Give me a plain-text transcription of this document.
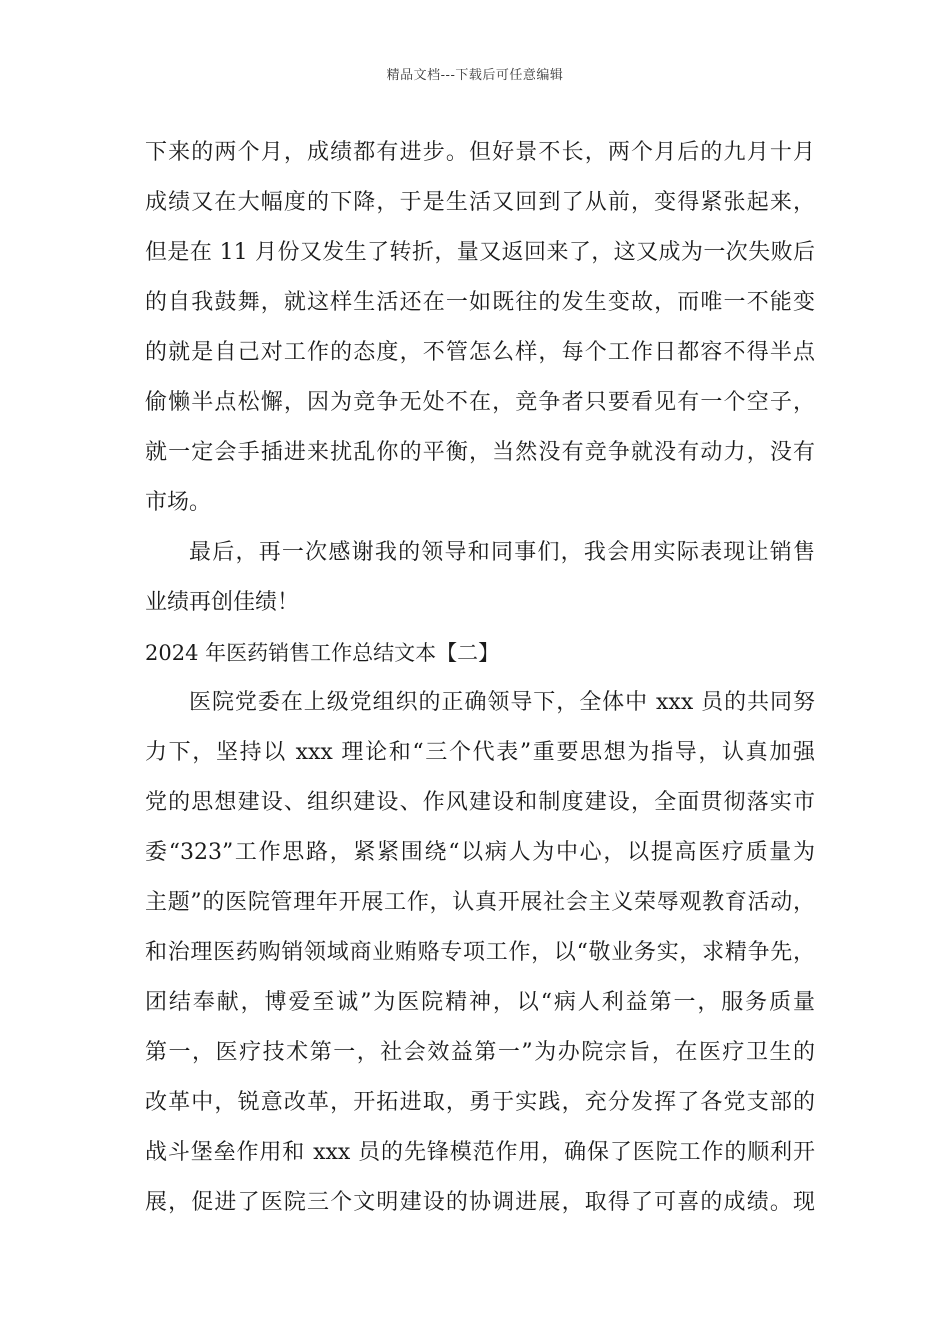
精品文档---下载后可任意编辑
下来的两个月，成绩都有进步。但好景不长，两个月后的九月十月
成绩又在大幅度的下降，于是生活又回到了从前，变得紧张起来，
但是在 11 月份又发生了转折，量又返回来了，这又成为一次失败后
的自我鼓舞，就这样生活还在一如既往的发生变故，而唯一不能变
的就是自己对工作的态度，不管怎么样，每个工作日都容不得半点
偷懒半点松懈，因为竞争无处不在，竞争者只要看见有一个空子，
就一定会手插进来扰乱你的平衡，当然没有竞争就没有动力，没有
市场。
最后，再一次感谢我的领导和同事们，我会用实际表现让销售
业绩再创佳绩！
2024 年医药销售工作总结文本【二】
医院党委在上级党组织的正确领导下，全体中 xxx 员的共同努
力下，坚持以 xxx 理论和“三个代表”重要思想为指导，认真加强
党的思想建设、组织建设、作风建设和制度建设，全面贯彻落实市
委“323”工作思路，紧紧围绕“以病人为中心，以提高医疗质量为
主题”的医院管理年开展工作，认真开展社会主义荣辱观教育活动，
和治理医药购销领域商业贿赂专项工作，以“敬业务实，求精争先，
团结奉献，博爱至诚”为医院精神，以“病人利益第一，服务质量
第一，医疗技术第一，社会效益第一”为办院宗旨，在医疗卫生的
改革中，锐意改革，开拓进取，勇于实践，充分发挥了各党支部的
战斗堡垒作用和 xxx 员的先锋模范作用，确保了医院工作的顺利开
展，促进了医院三个文明建设的协调进展，取得了可喜的成绩。现
